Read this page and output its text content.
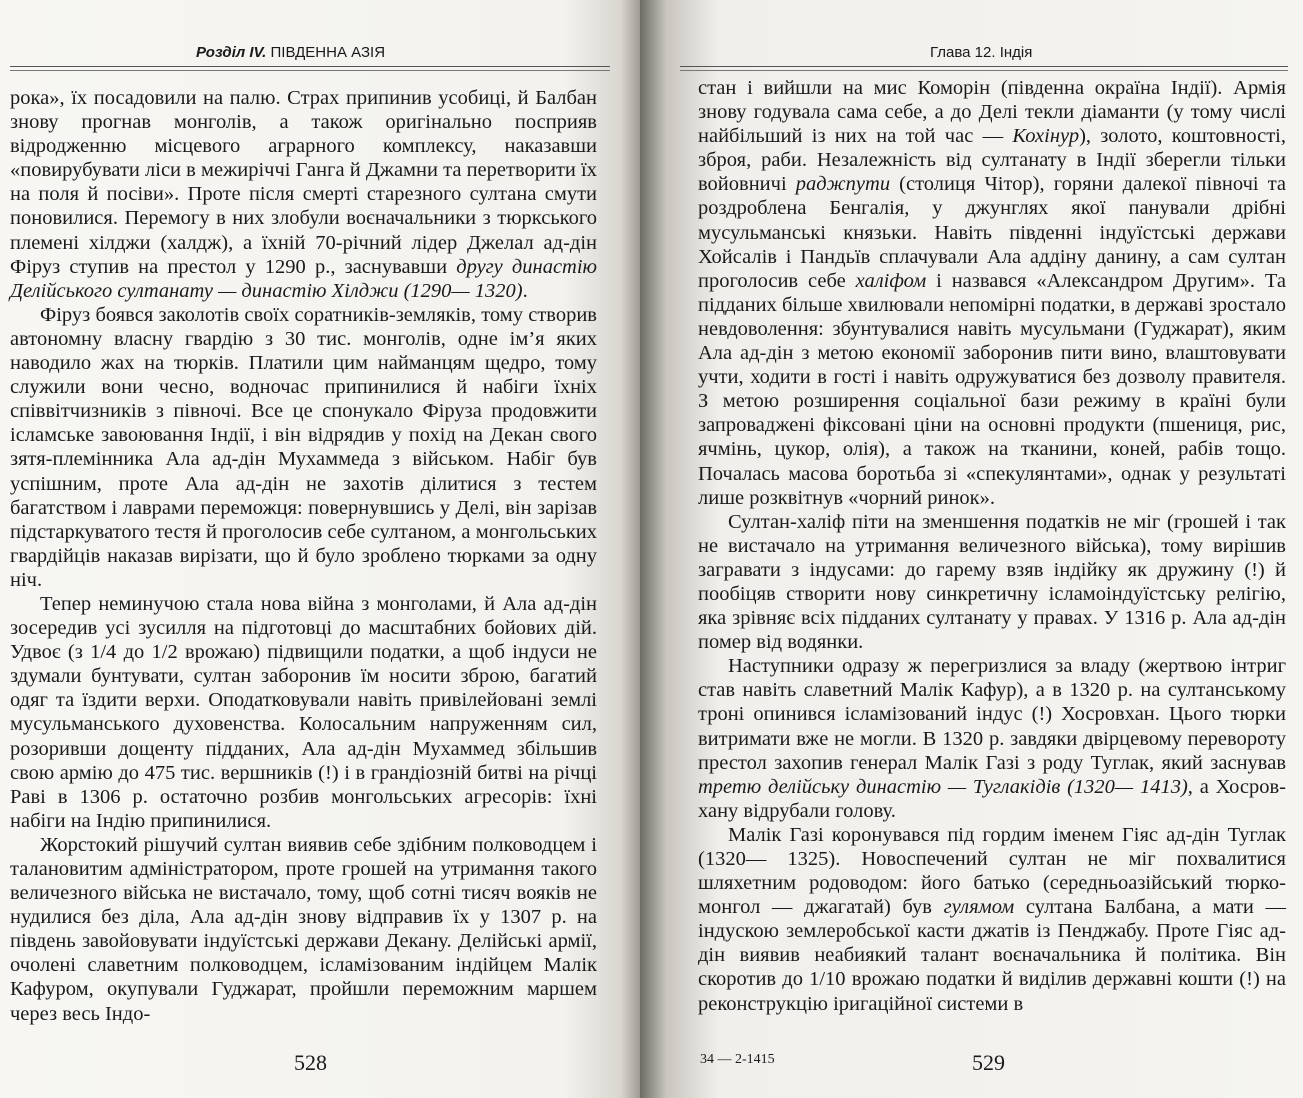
Розділ IV. ПІВДЕННА АЗІЯ

рока», їх посадовили на палю. Страх припинив усобиці, й Балбан знову прогнав монголів, а також оригінально посприяв відродженню місцевого аграрного комплексу, наказавши «повирубувати ліси в межиріччі Ганга й Джамни та перетворити їх на поля й посіви». Проте після смерті старезного султана смути поновилися. Перемогу в них злобули воєначальники з тюркського племені хілджи (халдж), а їхній 70-річний лідер Джелал ад-дін Фіруз ступив на престол у 1290 р., заснувавши другу династію Делійського султанату — династію Хілджи (1290— 1320).

Фіруз боявся заколотів своїх соратників-земляків, тому створив автономну власну гвардію з 30 тис. монголів, одне ім’я яких наводило жах на тюрків. Платили цим найманцям щедро, тому служили вони чесно, водночас припинилися й набіги їхніх співвітчизників з півночі. Все це спонукало Фіруза продовжити ісламське завоювання Індії, і він відрядив у похід на Декан свого зятя-племінника Ала ад-дін Мухаммеда з військом. Набіг був успішним, проте Ала ад-дін не захотів ділитися з тестем багатством і лаврами переможця: повернувшись у Делі, він зарізав підстаркуватого тестя й проголосив себе султаном, а монгольських гвардійців наказав вирізати, що й було зроблено тюрками за одну ніч.

Тепер неминучою стала нова війна з монголами, й Ала ад-дін зосередив усі зусилля на підготовці до масштабних бойових дій. Удвоє (з 1/4 до 1/2 врожаю) підвищили податки, а щоб індуси не здумали бунтувати, султан заборонив їм носити зброю, багатий одяг та їздити верхи. Оподатковували навіть привілейовані землі мусульманського духовенства. Колосальним напруженням сил, розоривши дощенту підданих, Ала ад-дін Мухаммед збільшив свою армію до 475 тис. вершників (!) і в грандіозній битві на річці Раві в 1306 р. остаточно розбив монгольських агресорів: їхні набіги на Індію припинилися.

Жорстокий рішучий султан виявив себе здібним полководцем і талановитим адміністратором, проте грошей на утримання такого величезного війська не вистачало, тому, щоб сотні тисяч вояків не нудилися без діла, Ала ад-дін знову відправив їх у 1307 р. на південь завойовувати індуїстські держави Декану. Делійські армії, очолені славетним полководцем, ісламізованим індійцем Малік Кафуром, окупували Гуджарат, пройшли переможним маршем через весь Індо-

528
Глава 12. Індія

стан і вийшли на мис Коморін (південна окраїна Індії). Армія знову годувала сама себе, а до Делі текли діаманти (у тому числі найбільший із них на той час — Кохінур), золото, коштовності, зброя, раби. Незалежність від султанату в Індії зберегли тільки войовничі раджпути (столиця Чітор), горяни далекої півночі та роздроблена Бенгалія, у джунглях якої панували дрібні мусульманські князьки. Навіть південні індуїстські держави Хойсалів і Пандьїв сплачували Ала аддіну данину, а сам султан проголосив себе халіфом і назвався «Александром Другим». Та підданих більше хвилювали непомірні податки, в державі зростало невдоволення: збунтувалися навіть мусульмани (Гуджарат), яким Ала ад-дін з метою економії заборонив пити вино, влаштовувати учти, ходити в гості і навіть одружуватися без дозволу правителя. З метою розширення соціальної бази режиму в країні були запроваджені фіксовані ціни на основні продукти (пшениця, рис, ячмінь, цукор, олія), а також на тканини, коней, рабів тощо. Почалась масова боротьба зі «спекулянтами», однак у результаті лише розквітнув «чорний ринок».

Султан-халіф піти на зменшення податків не міг (грошей і так не вистачало на утримання величезного війська), тому вирішив загравати з індусами: до гарему взяв індійку як дружину (!) й пообіцяв створити нову синкретичну ісламоіндуїстську релігію, яка зрівняє всіх підданих султанату у правах. У 1316 р. Ала ад-дін помер від водянки.

Наступники одразу ж перегризлися за владу (жертвою інтриг став навіть славетний Малік Кафур), а в 1320 р. на султанському троні опинився ісламізований індус (!) Хосровхан. Цього тюрки витримати вже не могли. В 1320 р. завдяки двірцевому перевороту престол захопив генерал Малік Газі з роду Туглак, який заснував третю делійську династію — Туглакідів (1320— 1413), а Хосров-хану відрубали голову.

Малік Газі коронувався під гордим іменем Гіяс ад-дін Туглак (1320— 1325). Новоспечений султан не міг похвалитися шляхетним родоводом: його батько (середньоазійський тюрко-монгол — джагатай) був гулямом султана Балбана, а мати — індускою землеробської касти джатів із Пенджабу. Проте Гіяс ад-дін виявив неабиякий талант воєначальника й політика. Він скоротив до 1/10 врожаю податки й виділив державні кошти (!) на реконструкцію іригаційної системи в

34 — 2-1415	529
